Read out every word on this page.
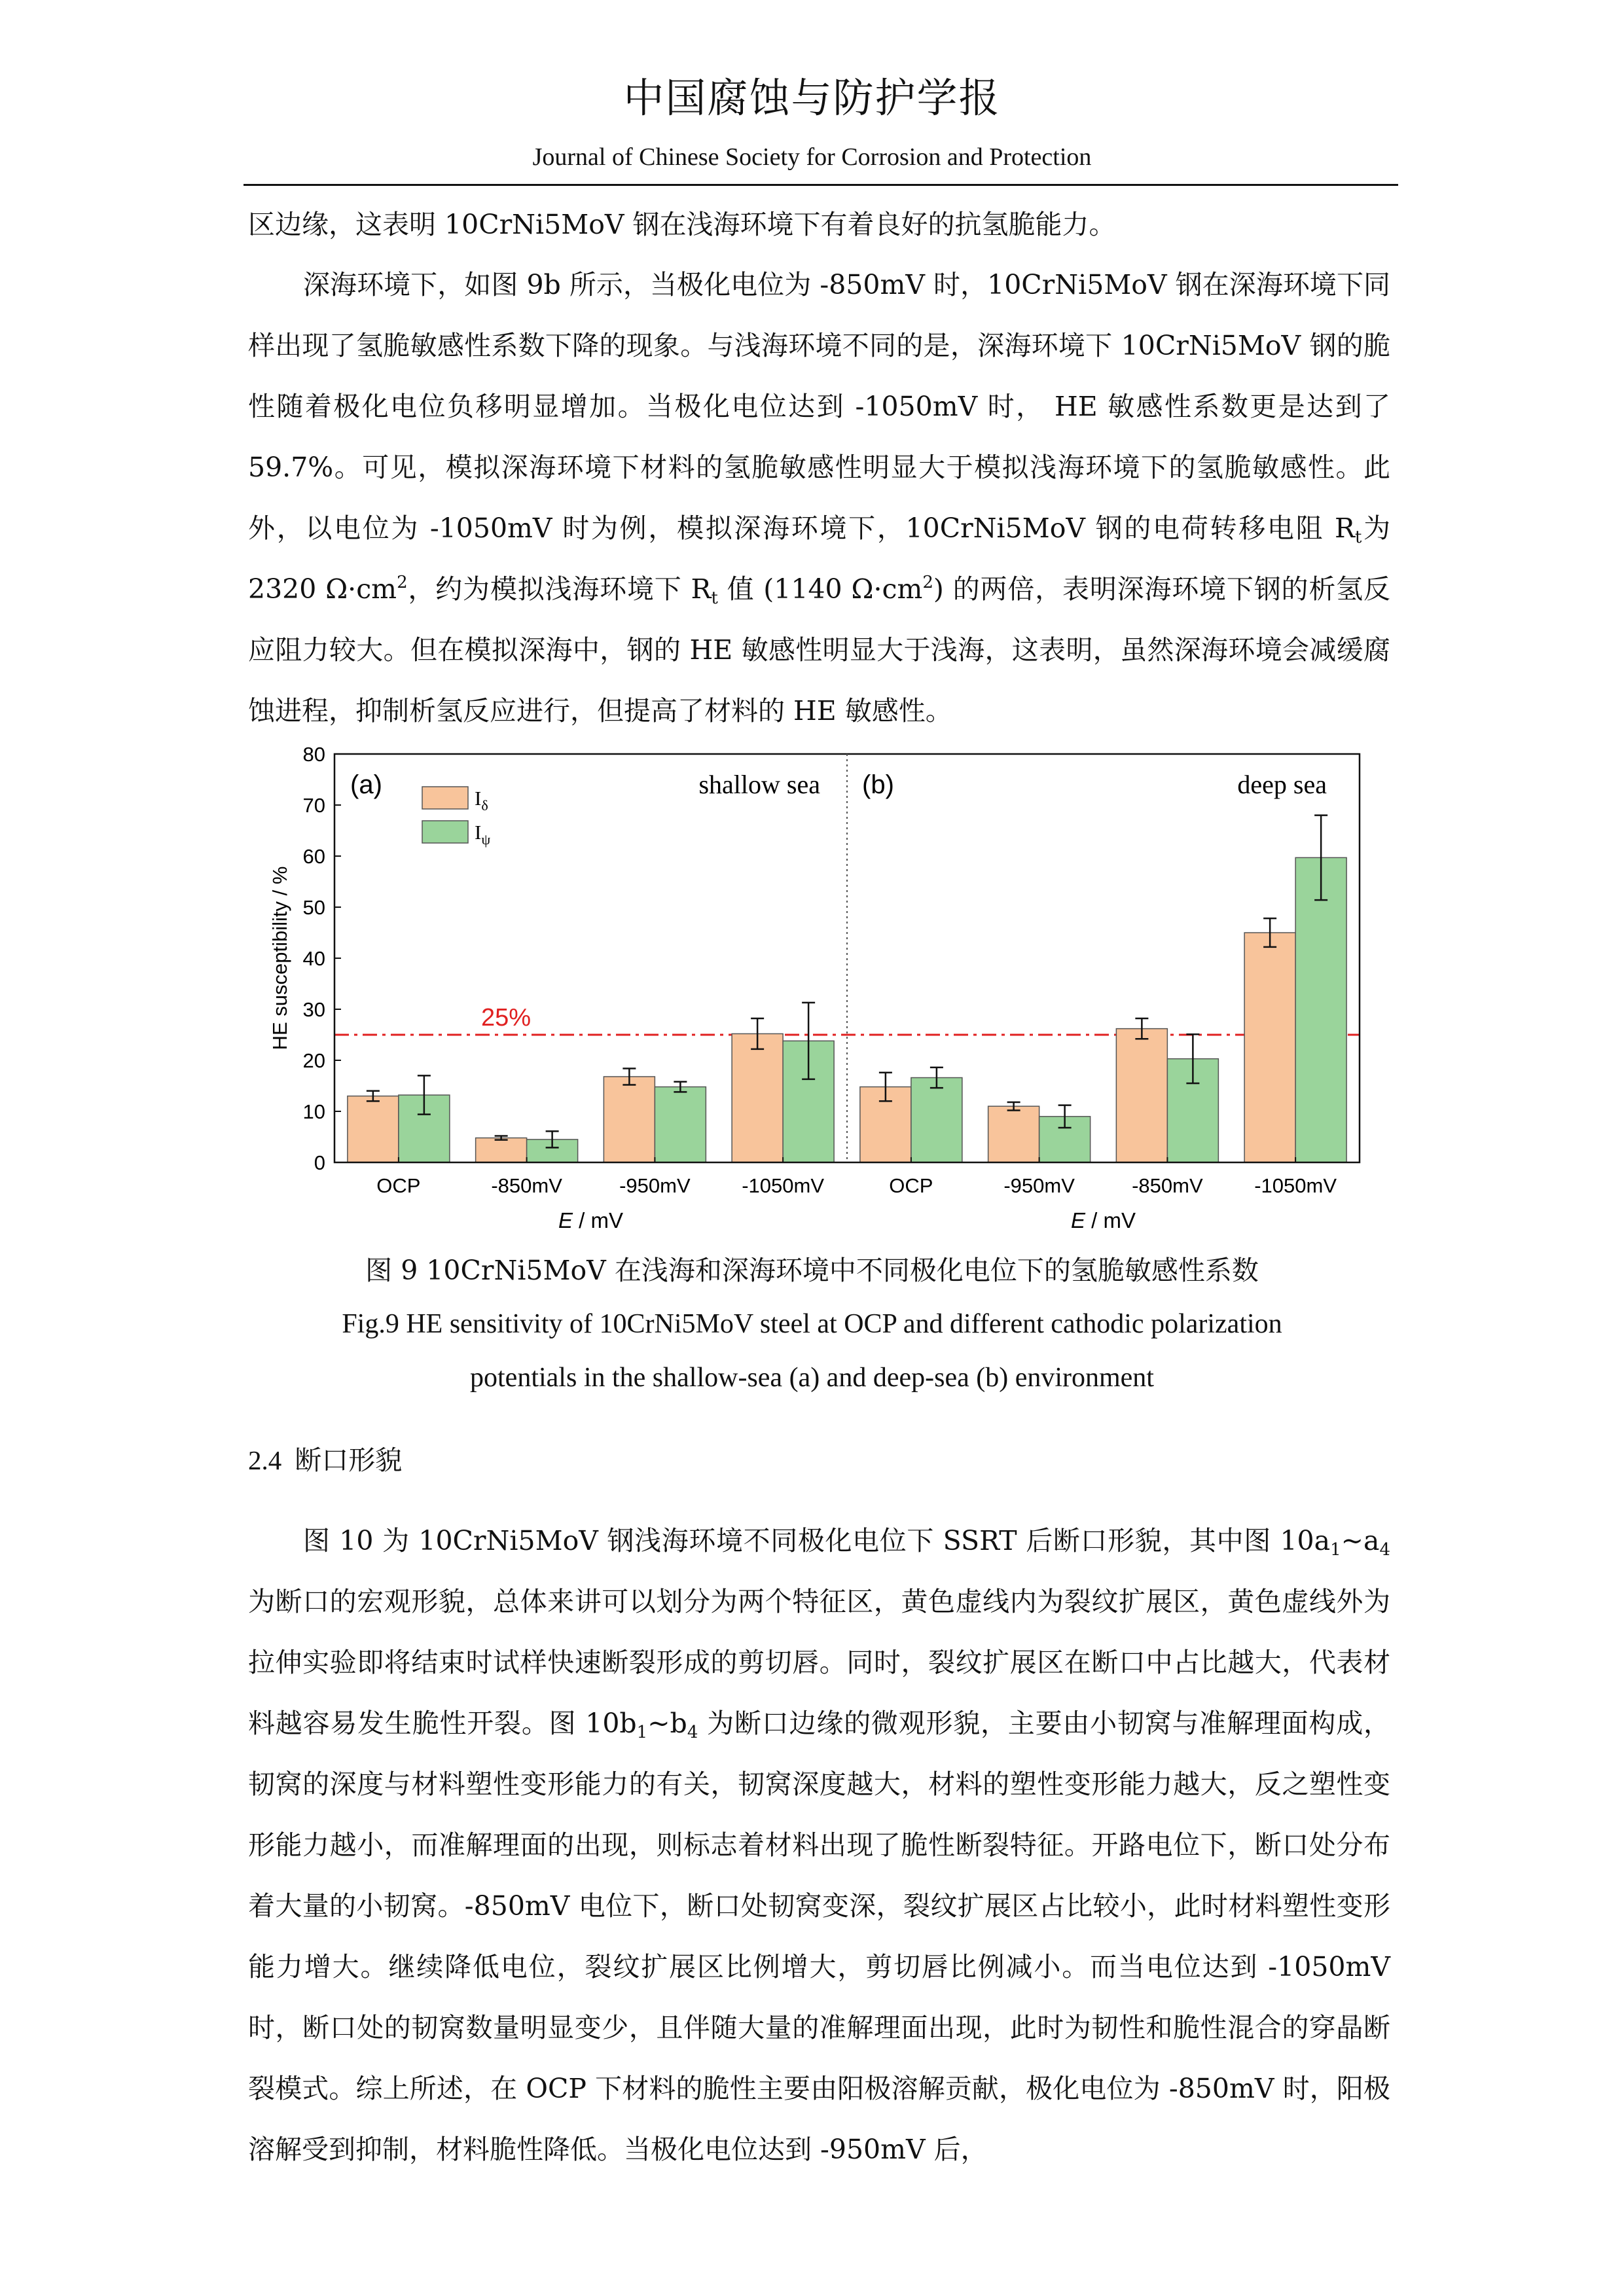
中国腐蚀与防护学报
Journal of Chinese Society for Corrosion and Protection

区边缘，这表明 10CrNi5MoV 钢在浅海环境下有着良好的抗氢脆能力。

深海环境下，如图 9b 所示，当极化电位为 -850mV 时，10CrNi5MoV 钢在深海环境下同样出现了氢脆敏感性系数下降的现象。与浅海环境不同的是，深海环境下 10CrNi5MoV 钢的脆性随着极化电位负移明显增加。当极化电位达到 -1050mV 时， HE 敏感性系数更是达到了 59.7%。可见，模拟深海环境下材料的氢脆敏感性明显大于模拟浅海环境下的氢脆敏感性。此外，以电位为 -1050mV 时为例，模拟深海环境下，10CrNi5MoV 钢的电荷转移电阻 $R_t$为 2320 $\Omega\cdot cm^2$，约为模拟浅海环境下 $R_t$ 值 (1140 $\Omega\cdot cm^2$) 的两倍，表明深海环境下钢的析氢反应阻力较大。但在模拟深海中，钢的 HE 敏感性明显大于浅海，这表明，虽然深海环境会减缓腐蚀进程，抑制析氢反应进行，但提高了材料的 HE 敏感性。

25%
OCP	-850mV	-950mV	-1050mV	OCP	-950mV	-850mV	-1050mV
0
10
20
30
40
50
60
70
80
HE susceptibility / %
E / mV	E / mV
(a)	shallow sea (b)	deep sea
$I_\delta$
$I_\psi$

图 9 10CrNi5MoV 在浅海和深海环境中不同极化电位下的氢脆敏感性系数

Fig.9 HE sensitivity of 10CrNi5MoV steel at OCP and different cathodic polarization

potentials in the shallow-sea (a) and deep-sea (b) environment

2.4 断口形貌

图 10 为 10CrNi5MoV 钢浅海环境不同极化电位下 SSRT 后断口形貌，其中图 $10a_1\sim a_4$ 为断口的宏观形貌，总体来讲可以划分为两个特征区，黄色虚线内为裂纹扩展区，黄色虚线外为拉伸实验即将结束时试样快速断裂形成的剪切唇。同时，裂纹扩展区在断口中占比越大，代表材料越容易发生脆性开裂。图 $10b_1\sim b_4$ 为断口边缘的微观形貌，主要由小韧窝与准解理面构成，韧窝的深度与材料塑性变形能力的有关，韧窝深度越大，材料的塑性变形能力越大，反之塑性变形能力越小，而准解理面的出现，则标志着材料出现了脆性断裂特征。开路电位下，断口处分布着大量的小韧窝。-850mV 电位下，断口处韧窝变深，裂纹扩展区占比较小，此时材料塑性变形能力增大。继续降低电位，裂纹扩展区比例增大，剪切唇比例减小。而当电位达到 -1050mV 时，断口处的韧窝数量明显变少，且伴随大量的准解理面出现，此时为韧性和脆性混合的穿晶断裂模式。综上所述，在 OCP 下材料的脆性主要由阳极溶解贡献，极化电位为 -850mV 时，阳极溶解受到抑制，材料脆性降低。当极化电位达到 -950mV 后，
